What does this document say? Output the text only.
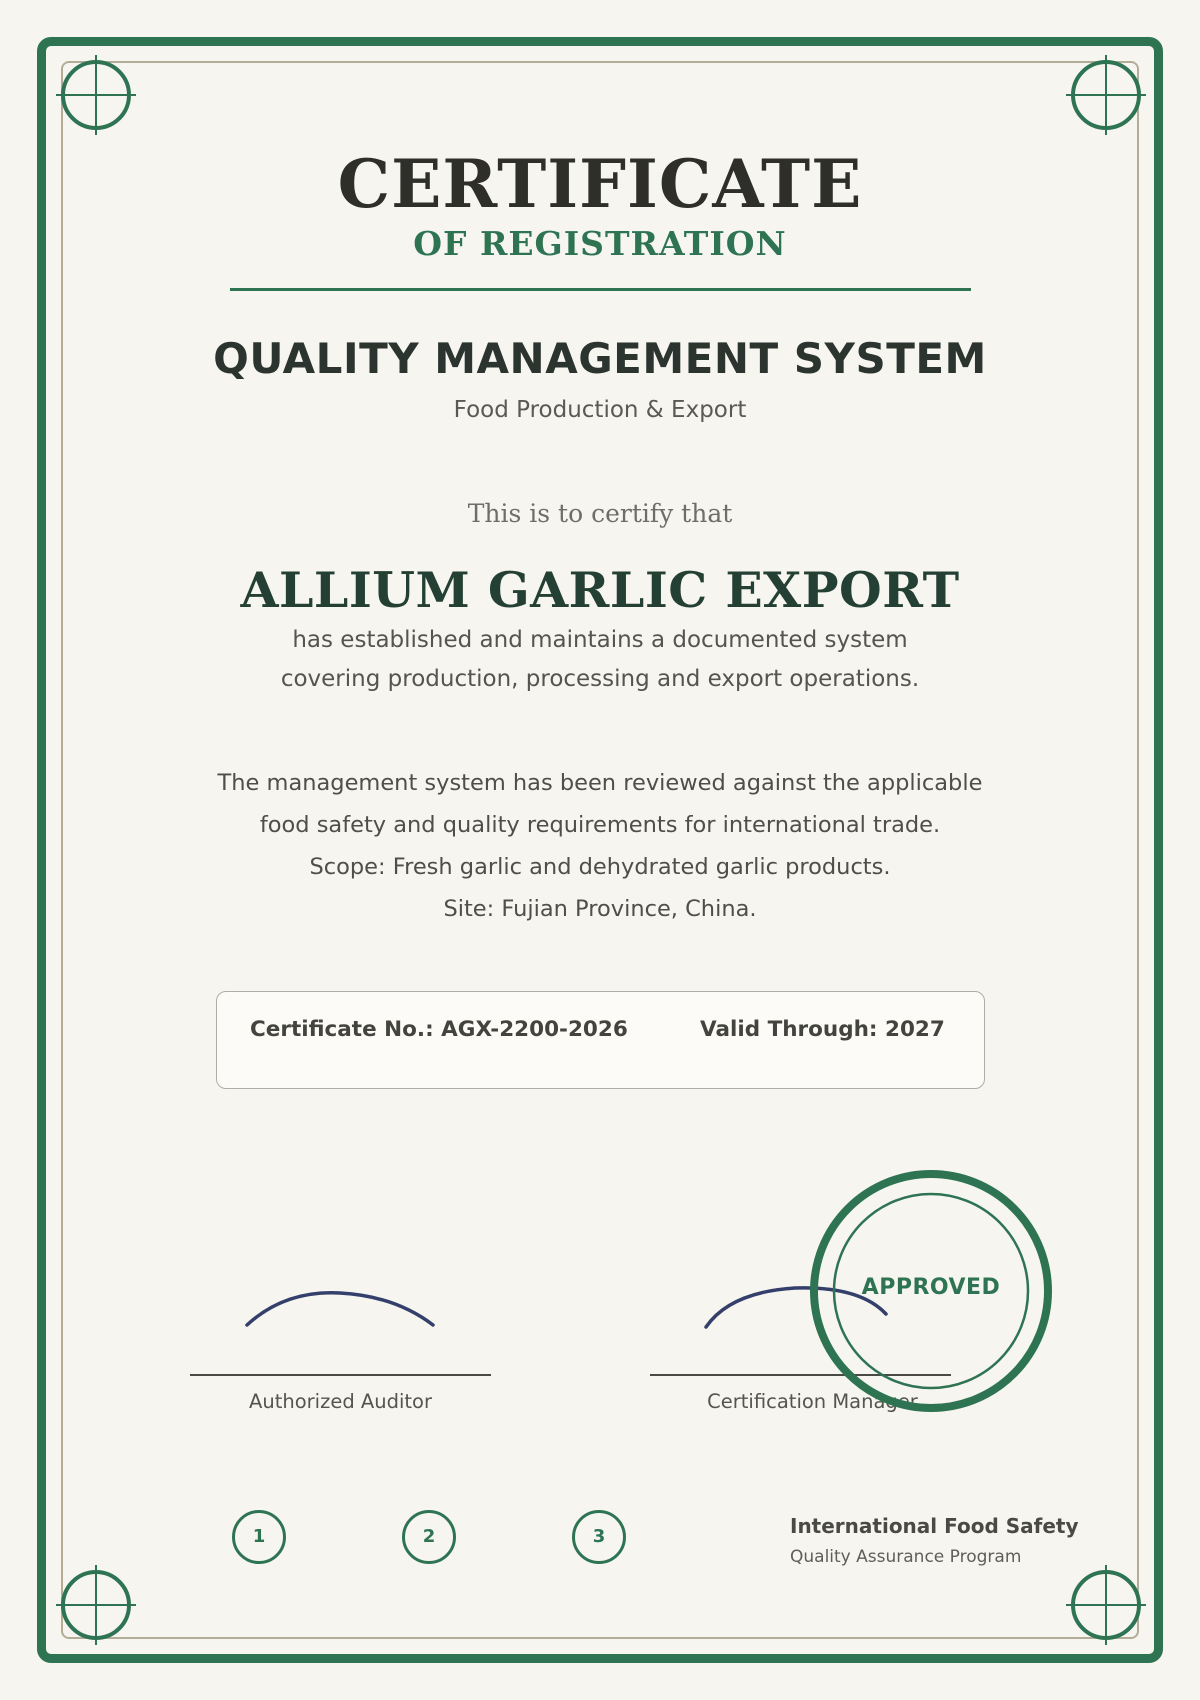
CERTIFICATE
OF REGISTRATION
QUALITY MANAGEMENT SYSTEM
Food Production & Export
This is to certify that
ALLIUM GARLIC EXPORT
has established and maintains a documented system
covering production, processing and export operations.
The management system has been reviewed against the applicable
food safety and quality requirements for international trade.
Scope: Fresh garlic and dehydrated garlic products.
Site: Fujian Province, China.
Certificate No.: AGX-2200-2026	Valid Through: 2027
Authorized Auditor	Certification Manager
APPROVED
1	2	3	International Food Safety
Quality Assurance Program
